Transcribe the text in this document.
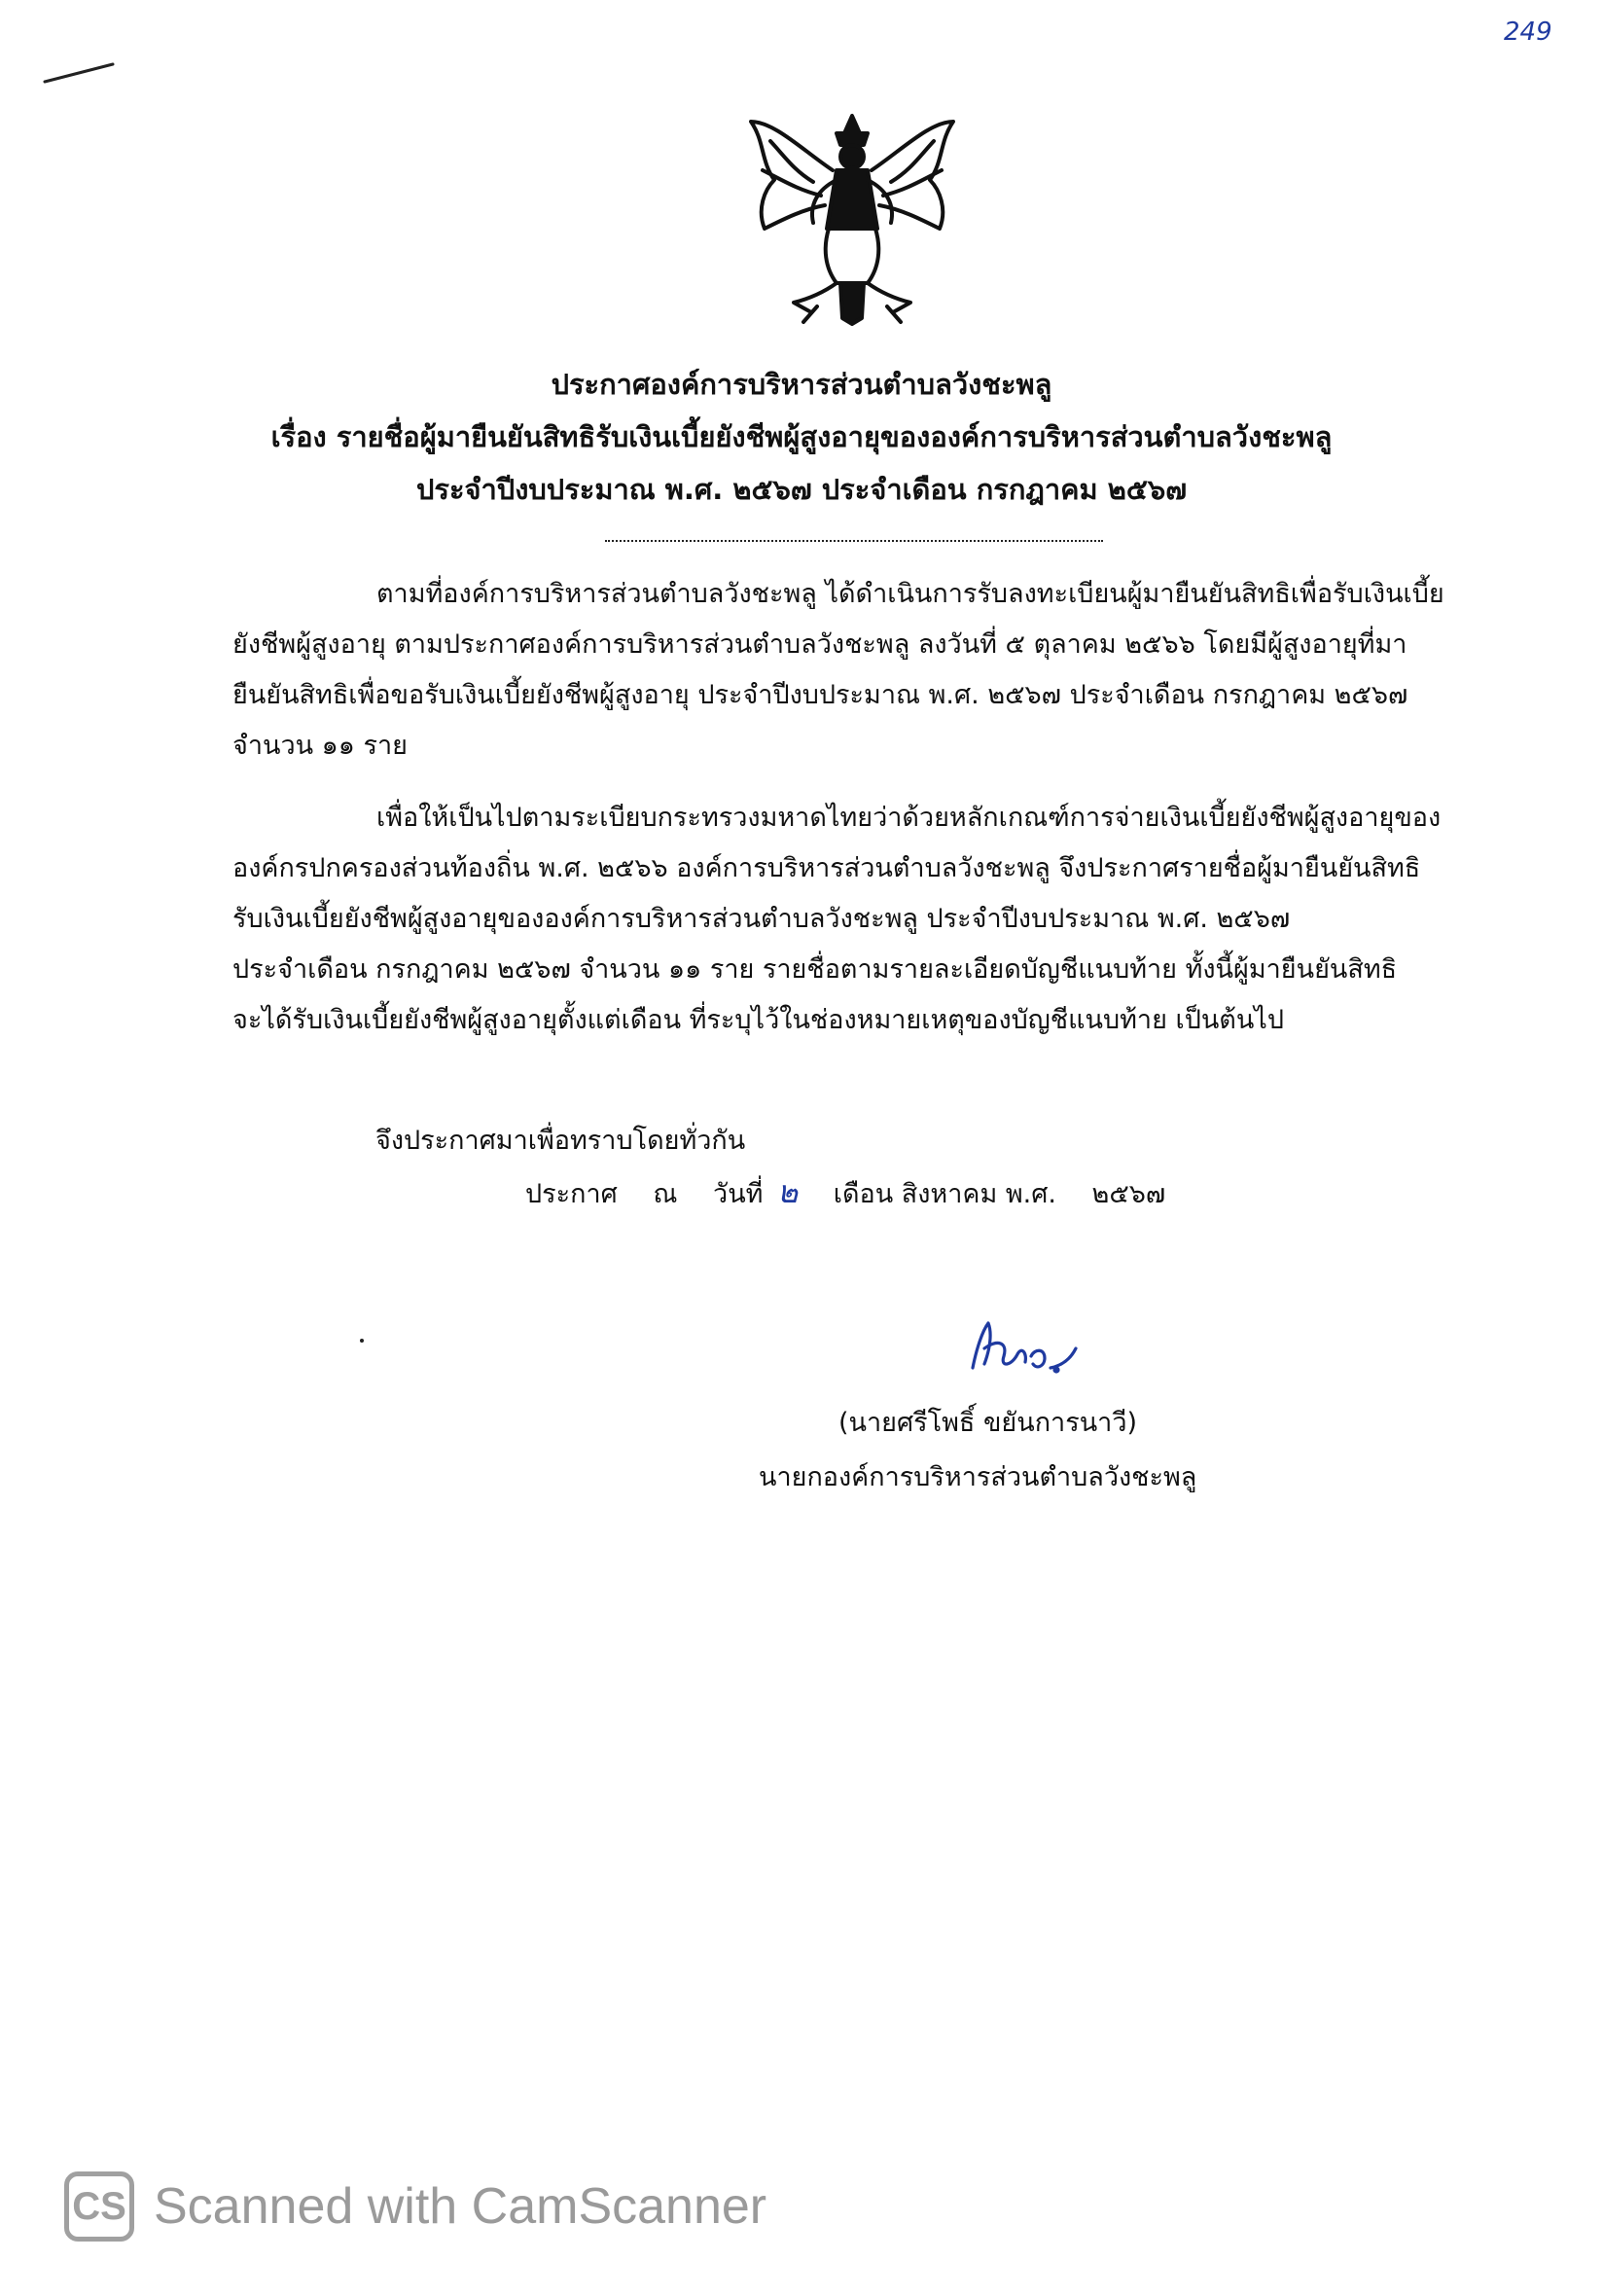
249
ประกาศองค์การบริหารส่วนตำบลวังชะพลู
เรื่อง รายชื่อผู้มายืนยันสิทธิรับเงินเบี้ยยังชีพผู้สูงอายุขององค์การบริหารส่วนตำบลวังชะพลู
ประจำปีงบประมาณ พ.ศ. ๒๕๖๗ ประจำเดือน กรกฎาคม ๒๕๖๗
ตามที่องค์การบริหารส่วนตำบลวังชะพลู ได้ดำเนินการรับลงทะเบียนผู้มายืนยันสิทธิเพื่อรับเงินเบี้ย
ยังชีพผู้สูงอายุ ตามประกาศองค์การบริหารส่วนตำบลวังชะพลู ลงวันที่ ๕ ตุลาคม ๒๕๖๖ โดยมีผู้สูงอายุที่มา
ยืนยันสิทธิเพื่อขอรับเงินเบี้ยยังชีพผู้สูงอายุ ประจำปีงบประมาณ พ.ศ. ๒๕๖๗ ประจำเดือน กรกฎาคม ๒๕๖๗
จำนวน ๑๑ ราย
เพื่อให้เป็นไปตามระเบียบกระทรวงมหาดไทยว่าด้วยหลักเกณฑ์การจ่ายเงินเบี้ยยังชีพผู้สูงอายุของ
องค์กรปกครองส่วนท้องถิ่น พ.ศ. ๒๕๖๖ องค์การบริหารส่วนตำบลวังชะพลู จึงประกาศรายชื่อผู้มายืนยันสิทธิ
รับเงินเบี้ยยังชีพผู้สูงอายุขององค์การบริหารส่วนตำบลวังชะพลู ประจำปีงบประมาณ พ.ศ. ๒๕๖๗
ประจำเดือน กรกฎาคม ๒๕๖๗ จำนวน ๑๑ ราย รายชื่อตามรายละเอียดบัญชีแนบท้าย ทั้งนี้ผู้มายืนยันสิทธิ
จะได้รับเงินเบี้ยยังชีพผู้สูงอายุตั้งแต่เดือน ที่ระบุไว้ในช่องหมายเหตุของบัญชีแนบท้าย เป็นต้นไป
จึงประกาศมาเพื่อทราบโดยทั่วกัน
ประกาศ ณ วันที่ ๒ เดือน สิงหาคม พ.ศ. ๒๕๖๗
(นายศรีโพธิ์ ขยันการนาวี)
นายกองค์การบริหารส่วนตำบลวังชะพลู
CS Scanned with CamScanner
